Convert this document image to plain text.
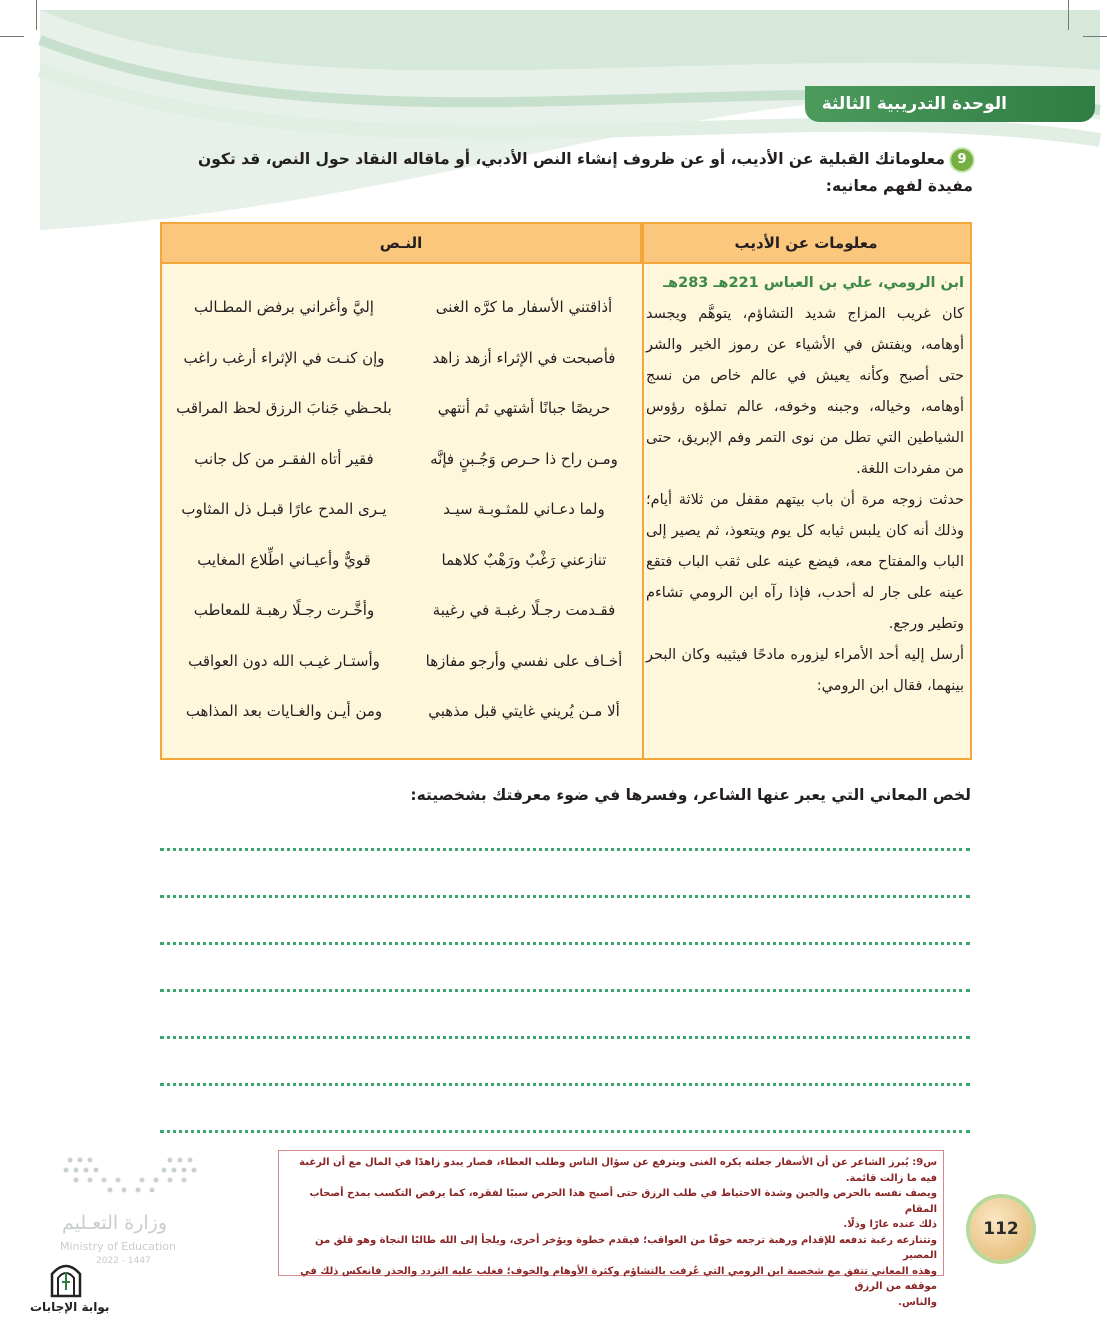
الوحدة التدريبية الثالثة
9معلوماتك القبلية عن الأديب، أو عن ظروف إنشاء النص الأدبي، أو ماقاله النقاد حول النص، قد تكون مفيدة لفهم معانيه:
معلومات عن الأديب
النـص
ابن الرومي، علي بن العباس 221هـ 283هـ
كان غريب المزاج شديد التشاؤم، يتوهَّم ويجسد أوهامه، ويفتش في الأشياء عن رموز الخير والشر حتى أصبح وكأنه يعيش في عالم خاص من نسج أوهامه، وخياله، وجبنه وخوفه، عالم تملؤه رؤوس الشياطين التي تطل من نوى التمر وفم الإبريق، حتى من مفردات اللغة.
حدثت زوجه مرة أن باب بيتهم مقفل من ثلاثة أيام؛ وذلك أنه كان يلبس ثيابه كل يوم ويتعوذ، ثم يصير إلى الباب والمفتاح معه، فيضع عينه على ثقب الباب فتقع عينه على جار له أحدب، فإذا رآه ابن الرومي تشاءم وتطير ورجع.
أرسل إليه أحد الأمراء ليزوره مادحًا فيثيبه وكان البحر بينهما، فقال ابن الرومي:
أذاقتني الأسفار ما كرَّه الغنى
إليَّ وأغراني برفض المطـالب
فأصبحت في الإثراء أزهد زاهد
وإن كنـت في الإثراء أرغب راغب
حريصًا جبانًا أشتهي ثم أنتهي
بلحـظي جَنابَ الرزق لحظ المراقب
ومـن راح ذا حـرص وَجُـبنٍ فإنَّه
فقير أتاه الفقـر من كل جانب
ولما دعـاني للمثـوبـة سيـد
يـرى المدح عارًا قبـل ذل المثاوب
تنازعني رَغْبٌ ورَهْبٌ كلاهما
قويٌّ وأعيـاني اطِّلاع المغايب
فقـدمت رجـلًا رغبـة في رغيبة
وأخَّـرت رجـلًا رهبـة للمعاطب
أخـاف على نفسي وأرجو مفازها
وأستـار غيـب الله دون العواقب
ألا مـن يُريني غايتي قبل مذهبي
ومن أيـن والغـايات بعد المذاهب
لخص المعاني التي يعبر عنها الشاعر، وفسرها في ضوء معرفتك بشخصيته:
س9: يُبرز الشاعر عن أن الأسفار جعلته يكره الغنى ويترفع عن سؤال الناس وطلب العطاء، فصار يبدو زاهدًا في المال مع أن الرغبة فيه ما زالت قائمة.
ويصف نفسه بالحرص والجبن وشدة الاحتياط في طلب الرزق حتى أصبح هذا الحرص سببًا لفقره، كما يرفض التكسب بمدح أصحاب المقام
ذلك عنده عارًا وذلًا.
وتتنازعه رغبة تدفعه للإقدام ورهبة ترجعه خوفًا من العواقب؛ فيقدم خطوة ويؤخر أخرى، ويلجأ إلى الله طالبًا النجاة وهو قلق من المصير
وهذه المعاني تتفق مع شخصية ابن الرومي التي عُرفت بالتشاؤم وكثرة الأوهام والخوف؛ فغلب عليه التردد والحذر فانعكس ذلك في موقفه من الرزق
والناس.
112
وزارة التعـليم
Ministry of Education
2022 - 1447
بوابة الإجابات
